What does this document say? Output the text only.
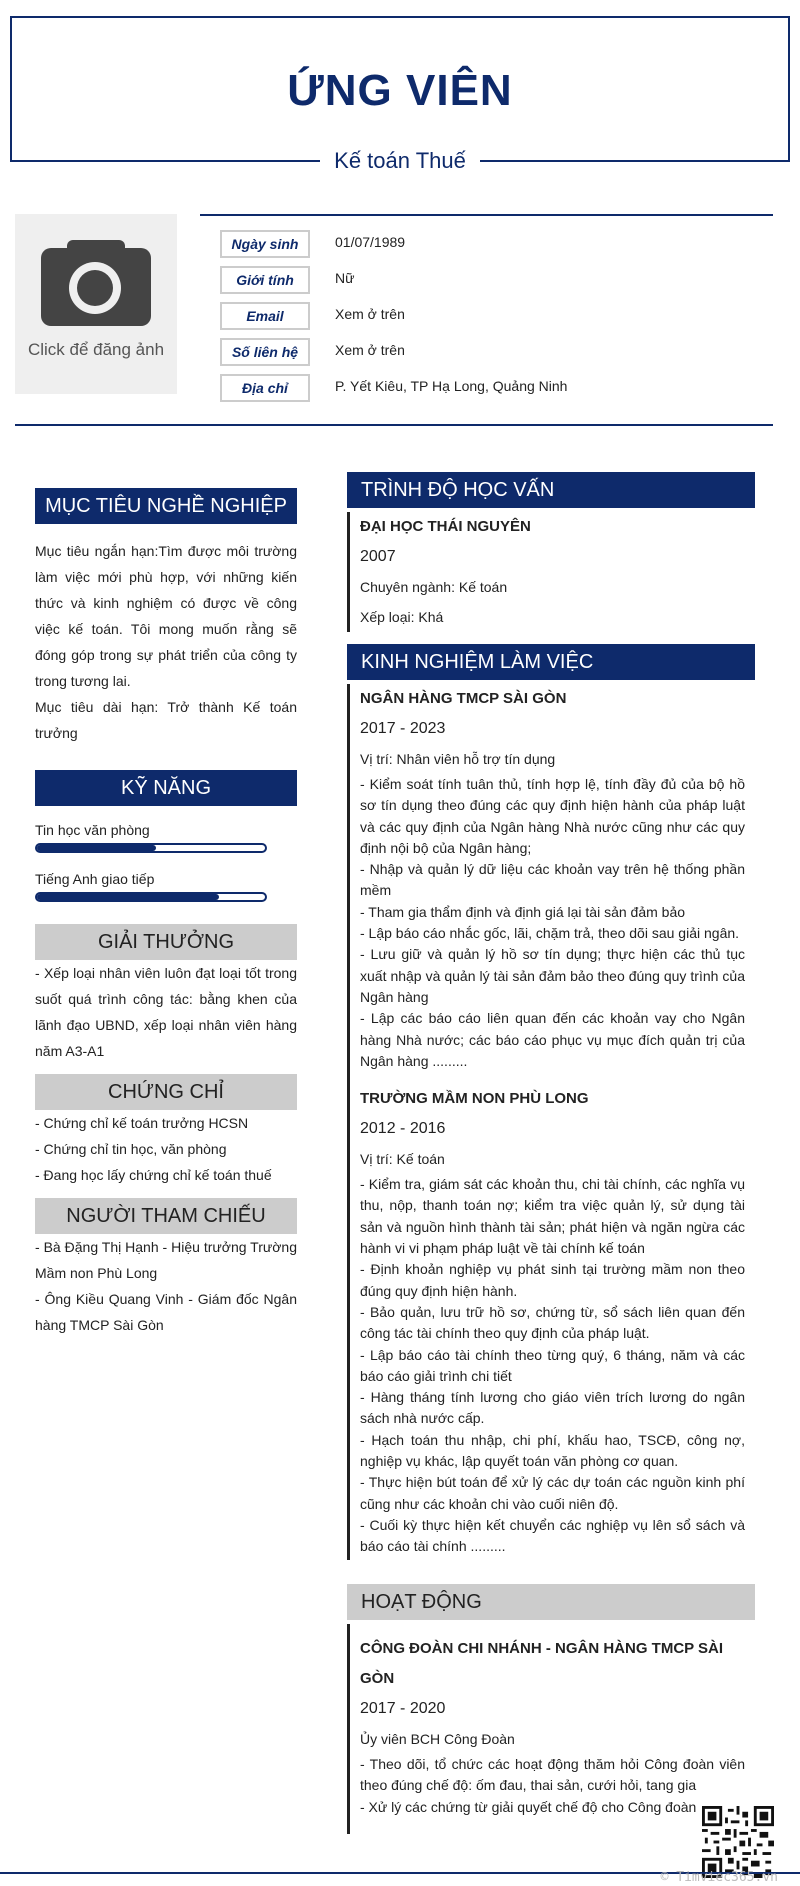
ỨNG VIÊN
Kế toán Thuế
Click để đăng ảnh
Ngày sinh	01/07/1989
Giới tính	Nữ
Email	Xem ở trên
Số liên hệ	Xem ở trên
Địa chỉ	P. Yết Kiêu, TP Hạ Long, Quảng Ninh
MỤC TIÊU NGHỀ NGHIỆP
Mục tiêu ngắn hạn:Tìm được môi trường làm việc mới phù hợp, với những kiến thức và kinh nghiệm có được về công việc kế toán. Tôi mong muốn rằng sẽ đóng góp trong sự phát triển của công ty trong tương lai.
Mục tiêu dài hạn: Trở thành Kế toán trưởng
KỸ NĂNG
Tin học văn phòng
Tiếng Anh giao tiếp
GIẢI THƯỞNG
- Xếp loại nhân viên luôn đạt loại tốt trong suốt quá trình công tác: bằng khen của lãnh đạo UBND, xếp loại nhân viên hàng năm A3-A1
CHỨNG CHỈ
- Chứng chỉ kế toán trưởng HCSN
- Chứng chỉ tin học, văn phòng
- Đang học lấy chứng chỉ kế toán thuế
NGƯỜI THAM CHIẾU
- Bà Đặng Thị Hạnh - Hiệu trưởng Trường Mầm non Phù Long
- Ông Kiều Quang Vinh - Giám đốc Ngân hàng TMCP Sài Gòn
TRÌNH ĐỘ HỌC VẤN
ĐẠI HỌC THÁI NGUYÊN
2007
Chuyên ngành: Kế toán
Xếp loại: Khá
KINH NGHIỆM LÀM VIỆC
NGÂN HÀNG TMCP SÀI GÒN
2017 - 2023
Vị trí: Nhân viên hỗ trợ tín dụng
- Kiểm soát tính tuân thủ, tính hợp lệ, tính đầy đủ của bộ hồ sơ tín dụng theo đúng các quy định hiện hành của pháp luật và các quy định của Ngân hàng Nhà nước cũng như các quy định nội bộ của Ngân hàng;
- Nhập và quản lý dữ liệu các khoản vay trên hệ thống phần mềm
- Tham gia thẩm định và định giá lại tài sản đảm bảo
- Lập báo cáo nhắc gốc, lãi, chặm trả, theo dõi sau giải ngân.
- Lưu giữ và quản lý hồ sơ tín dụng; thực hiện các thủ tục xuất nhập và quản lý tài sản đảm bảo theo đúng quy trình của Ngân hàng
- Lập các báo cáo liên quan đến các khoản vay cho Ngân hàng Nhà nước; các báo cáo phục vụ mục đích quản trị của Ngân hàng .........
TRƯỜNG MẦM NON PHÙ LONG
2012 - 2016
Vị trí: Kế toán
- Kiểm tra, giám sát các khoản thu, chi tài chính, các nghĩa vụ thu, nộp, thanh toán nợ; kiểm tra việc quản lý, sử dụng tài sản và nguồn hình thành tài sản; phát hiện và ngăn ngừa các hành vi vi phạm pháp luật về tài chính kế toán
- Định khoản nghiệp vụ phát sinh tại trường mầm non theo đúng quy định hiện hành.
- Bảo quản, lưu trữ hồ sơ, chứng từ, sổ sách liên quan đến công tác tài chính theo quy định của pháp luật.
- Lập báo cáo tài chính theo từng quý, 6 tháng, năm và các báo cáo giải trình chi tiết
- Hàng tháng tính lương cho giáo viên trích lương do ngân sách nhà nước cấp.
- Hạch toán thu nhập, chi phí, khấu hao, TSCĐ, công nợ, nghiệp vụ khác, lập quyết toán văn phòng cơ quan.
- Thực hiện bút toán để xử lý các dự toán các nguồn kinh phí cũng như các khoản chi vào cuối niên độ.
- Cuối kỳ thực hiện kết chuyển các nghiệp vụ lên sổ sách và báo cáo tài chính .........
HOẠT ĐỘNG
CÔNG ĐOÀN CHI NHÁNH - NGÂN HÀNG TMCP SÀI GÒN
2017 - 2020
Ủy viên BCH Công Đoàn
- Theo dõi, tổ chức các hoạt động thăm hỏi Công đoàn viên theo đúng chế độ: ốm đau, thai sản, cưới hỏi, tang gia
- Xử lý các chứng từ giải quyết chế độ cho Công đoàn
© Timviec365.vn
